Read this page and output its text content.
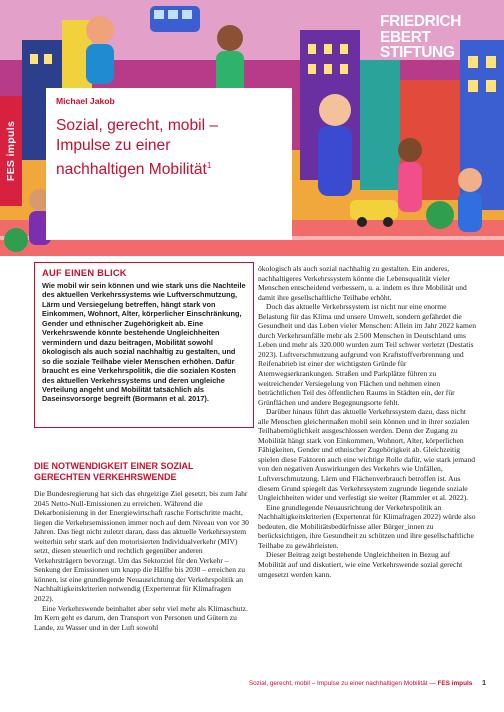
FRIEDRICH
EBERT
STIFTUNG
FES impuls
Michael Jakob
Sozial, gerecht, mobil –
Impulse zu einer
nachhaltigen Mobilität$^1$
AUF EINEN BLICK

Wie mobil wir sein können und wie stark uns die Nachteile des aktuellen Verkehrssystems wie Luftverschmutzung, Lärm und Versiegelung betreffen, hängt stark von Einkommen, Wohnort, Alter, körperlicher Einschränkung, Gender und ethnischer Zugehörigkeit ab. Eine Verkehrswende könnte bestehende Ungleichheiten vermindern und dazu beitragen, Mobilität sowohl ökologisch als auch sozial nachhaltig zu gestalten, und so die soziale Teilhabe vieler Menschen erhöhen. Dafür braucht es eine Verkehrspolitik, die die sozialen Kosten des aktuellen Verkehrssystems und deren ungleiche Verteilung angeht und Mobilität tatsächlich als Daseinsvorsorge begreift (Bormann et al. 2017).

DIE NOTWENDIGKEIT EINER SOZIAL GERECHTEN VERKEHRSWENDE

Die Bundesregierung hat sich das ehrgeizige Ziel gesetzt, bis zum Jahr 2045 Netto-Null-Emissionen zu erreichen. Während die Dekarbonisierung in der Energiewirtschaft rasche Fortschritte macht, liegen die Verkehrsemissionen immer noch auf dem Niveau von vor 30 Jahren. Das liegt nicht zuletzt daran, dass das aktuelle Verkehrssystem weiterhin sehr stark auf den motorisierten Individualverkehr (MIV) setzt, diesen steuerlich und rechtlich gegenüber anderen Verkehrsträgern bevorzugt. Um das Sektorziel für den Verkehr – Senkung der Emissionen um knapp die Hälfte bis 2030 – erreichen zu können, ist eine grundlegende Neuausrichtung der Verkehrspolitik an Nachhaltigkeitskriterien notwendig (Expertenrat für Klimafragen 2022).

Eine Verkehrswende beinhaltet aber sehr viel mehr als Klimaschutz. Im Kern geht es darum, den Transport von Personen und Gütern zu Lande, zu Wasser und in der Luft sowohl

ökologisch als auch sozial nachhaltig zu gestalten. Ein anderes, nachhaltigeres Verkehrssystem könnte die Lebensqualität vieler Menschen entscheidend verbessern, u. a. indem es ihre Mobilität und damit ihre gesellschaftliche Teilhabe erhöht.

Doch das aktuelle Verkehrssystem ist nicht nur eine enorme Belastung für das Klima und unsere Umwelt, sondern gefährdet die Gesundheit und das Leben vieler Menschen: Allein im Jahr 2022 kamen durch Verkehrsunfälle mehr als 2.500 Menschen in Deutschland ums Leben und mehr als 320.000 wurden zum Teil schwer verletzt (Destatis 2023). Luftverschmutzung aufgrund von Kraftstoffverbrennung und Reifenabrieb ist einer der wichtigsten Gründe für Atemwegserkrankungen. Straßen und Parkplätze führen zu weitreichender Versiegelung von Flächen und nehmen einen beträchtlichen Teil des öffentlichen Raums in Städten ein, der für Grünflächen und andere Begegnungsorte fehlt.

Darüber hinaus führt das aktuelle Verkehrssystem dazu, dass nicht alle Menschen gleichermaßen mobil sein können und in ihrer sozialen Teilhabemöglichkeit ausgeschlossen werden. Denn der Zugang zu Mobilität hängt stark von Einkommen, Wohnort, Alter, körperlichen Fähigkeiten, Gender und ethnischer Zugehörigkeit ab. Gleichzeitig spielen diese Faktoren auch eine wichtige Rolle dafür, wie stark jemand von den negativen Auswirkungen des Verkehrs wie Unfällen, Luftverschmutzung, Lärm und Flächenverbrauch betroffen ist. Aus diesem Grund spiegelt das Verkehrssystem zugrunde liegende soziale Ungleichheiten wider und verfestigt sie weiter (Rammler et al. 2022).

Eine grundlegende Neuausrichtung der Verkehrspolitik an Nachhaltigkeitskriterien (Expertenrat für Klimafragen 2022) würde also bedeuten, die Mobilitätsbedürfnisse aller Bürger_innen zu berücksichtigen, ihre Gesundheit zu schützen und ihre gesellschaftliche Teilhabe zu gewährleisten.

Dieser Beitrag zeigt bestehende Ungleichheiten in Bezug auf Mobilität auf und diskutiert, wie eine Verkehrswende sozial gerecht umgesetzt werden kann.

Sozial, gerecht, mobil – Impulse zu einer nachhaltigen Mobilität — FES impuls 1
